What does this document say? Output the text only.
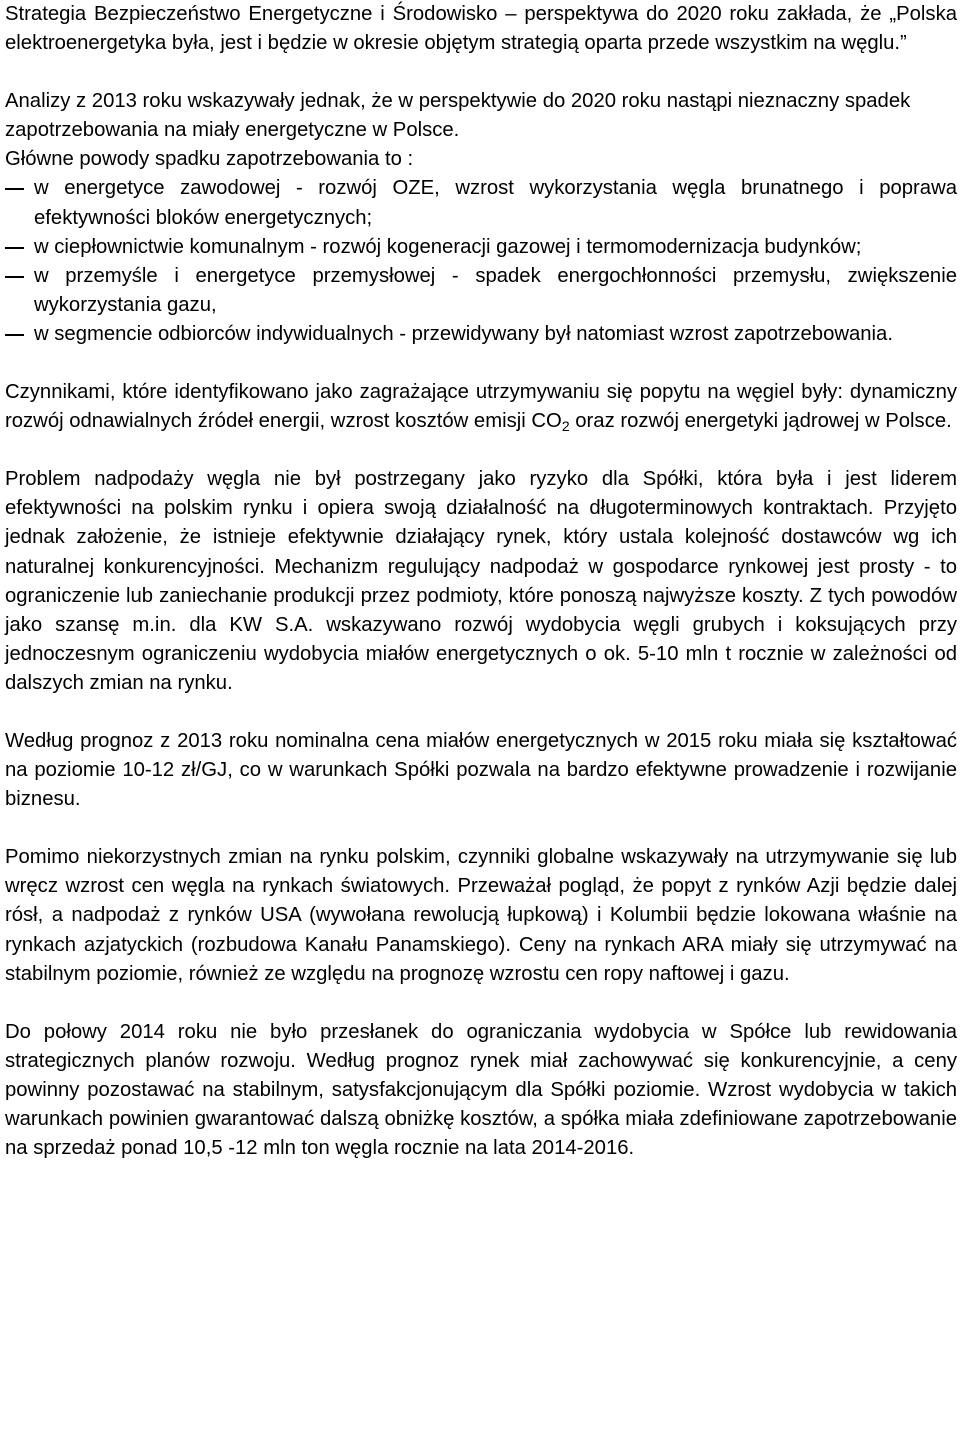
Strategia Bezpieczeństwo Energetyczne i Środowisko – perspektywa do 2020 roku zakłada, że „Polska elektroenergetyka była, jest i będzie w okresie objętym strategią oparta przede wszystkim na węglu.”

Analizy z 2013 roku wskazywały jednak, że w perspektywie do 2020 roku nastąpi nieznaczny spadek zapotrzebowania na miały energetyczne w Polsce.
Główne powody spadku zapotrzebowania to :

w energetyce zawodowej - rozwój OZE, wzrost wykorzystania węgla brunatnego i poprawa efektywności bloków energetycznych;
w ciepłownictwie komunalnym - rozwój kogeneracji gazowej i termomodernizacja budynków;
w przemyśle i energetyce przemysłowej - spadek energochłonności przemysłu, zwiększenie wykorzystania gazu,
w segmencie odbiorców indywidualnych - przewidywany był natomiast wzrost zapotrzebowania.

Czynnikami, które identyfikowano jako zagrażające utrzymywaniu się popytu na węgiel były: dynamiczny rozwój odnawialnych źródeł energii, wzrost kosztów emisji $CO_2$ oraz rozwój energetyki jądrowej w Polsce.

Problem nadpodaży węgla nie był postrzegany jako ryzyko dla Spółki, która była i jest liderem efektywności na polskim rynku i opiera swoją działalność na długoterminowych kontraktach. Przyjęto jednak założenie, że istnieje efektywnie działający rynek, który ustala kolejność dostawców wg ich naturalnej konkurencyjności. Mechanizm regulujący nadpodaż w gospodarce rynkowej jest prosty - to ograniczenie lub zaniechanie produkcji przez podmioty, które ponoszą najwyższe koszty. Z tych powodów jako szansę m.in. dla KW S.A. wskazywano rozwój wydobycia węgli grubych i koksujących przy jednoczesnym ograniczeniu wydobycia miałów energetycznych o ok. 5-10 mln t rocznie w zależności od dalszych zmian na rynku.

Według prognoz z 2013 roku nominalna cena miałów energetycznych w 2015 roku miała się kształtować na poziomie 10-12 zł/GJ, co w warunkach Spółki pozwala na bardzo efektywne prowadzenie i rozwijanie biznesu.

Pomimo niekorzystnych zmian na rynku polskim, czynniki globalne wskazywały na utrzymywanie się lub wręcz wzrost cen węgla na rynkach światowych. Przeważał pogląd, że popyt z rynków Azji będzie dalej rósł, a nadpodaż z rynków USA (wywołana rewolucją łupkową) i Kolumbii będzie lokowana właśnie na rynkach azjatyckich (rozbudowa Kanału Panamskiego). Ceny na rynkach ARA miały się utrzymywać na stabilnym poziomie, również ze względu na prognozę wzrostu cen ropy naftowej i gazu.

Do połowy 2014 roku nie było przesłanek do ograniczania wydobycia w Spółce lub rewidowania strategicznych planów rozwoju. Według prognoz rynek miał zachowywać się konkurencyjnie, a ceny powinny pozostawać na stabilnym, satysfakcjonującym dla Spółki poziomie. Wzrost wydobycia w takich warunkach powinien gwarantować dalszą obniżkę kosztów, a spółka miała zdefiniowane zapotrzebowanie na sprzedaż ponad 10,5 -12 mln ton węgla rocznie na lata 2014-2016.
